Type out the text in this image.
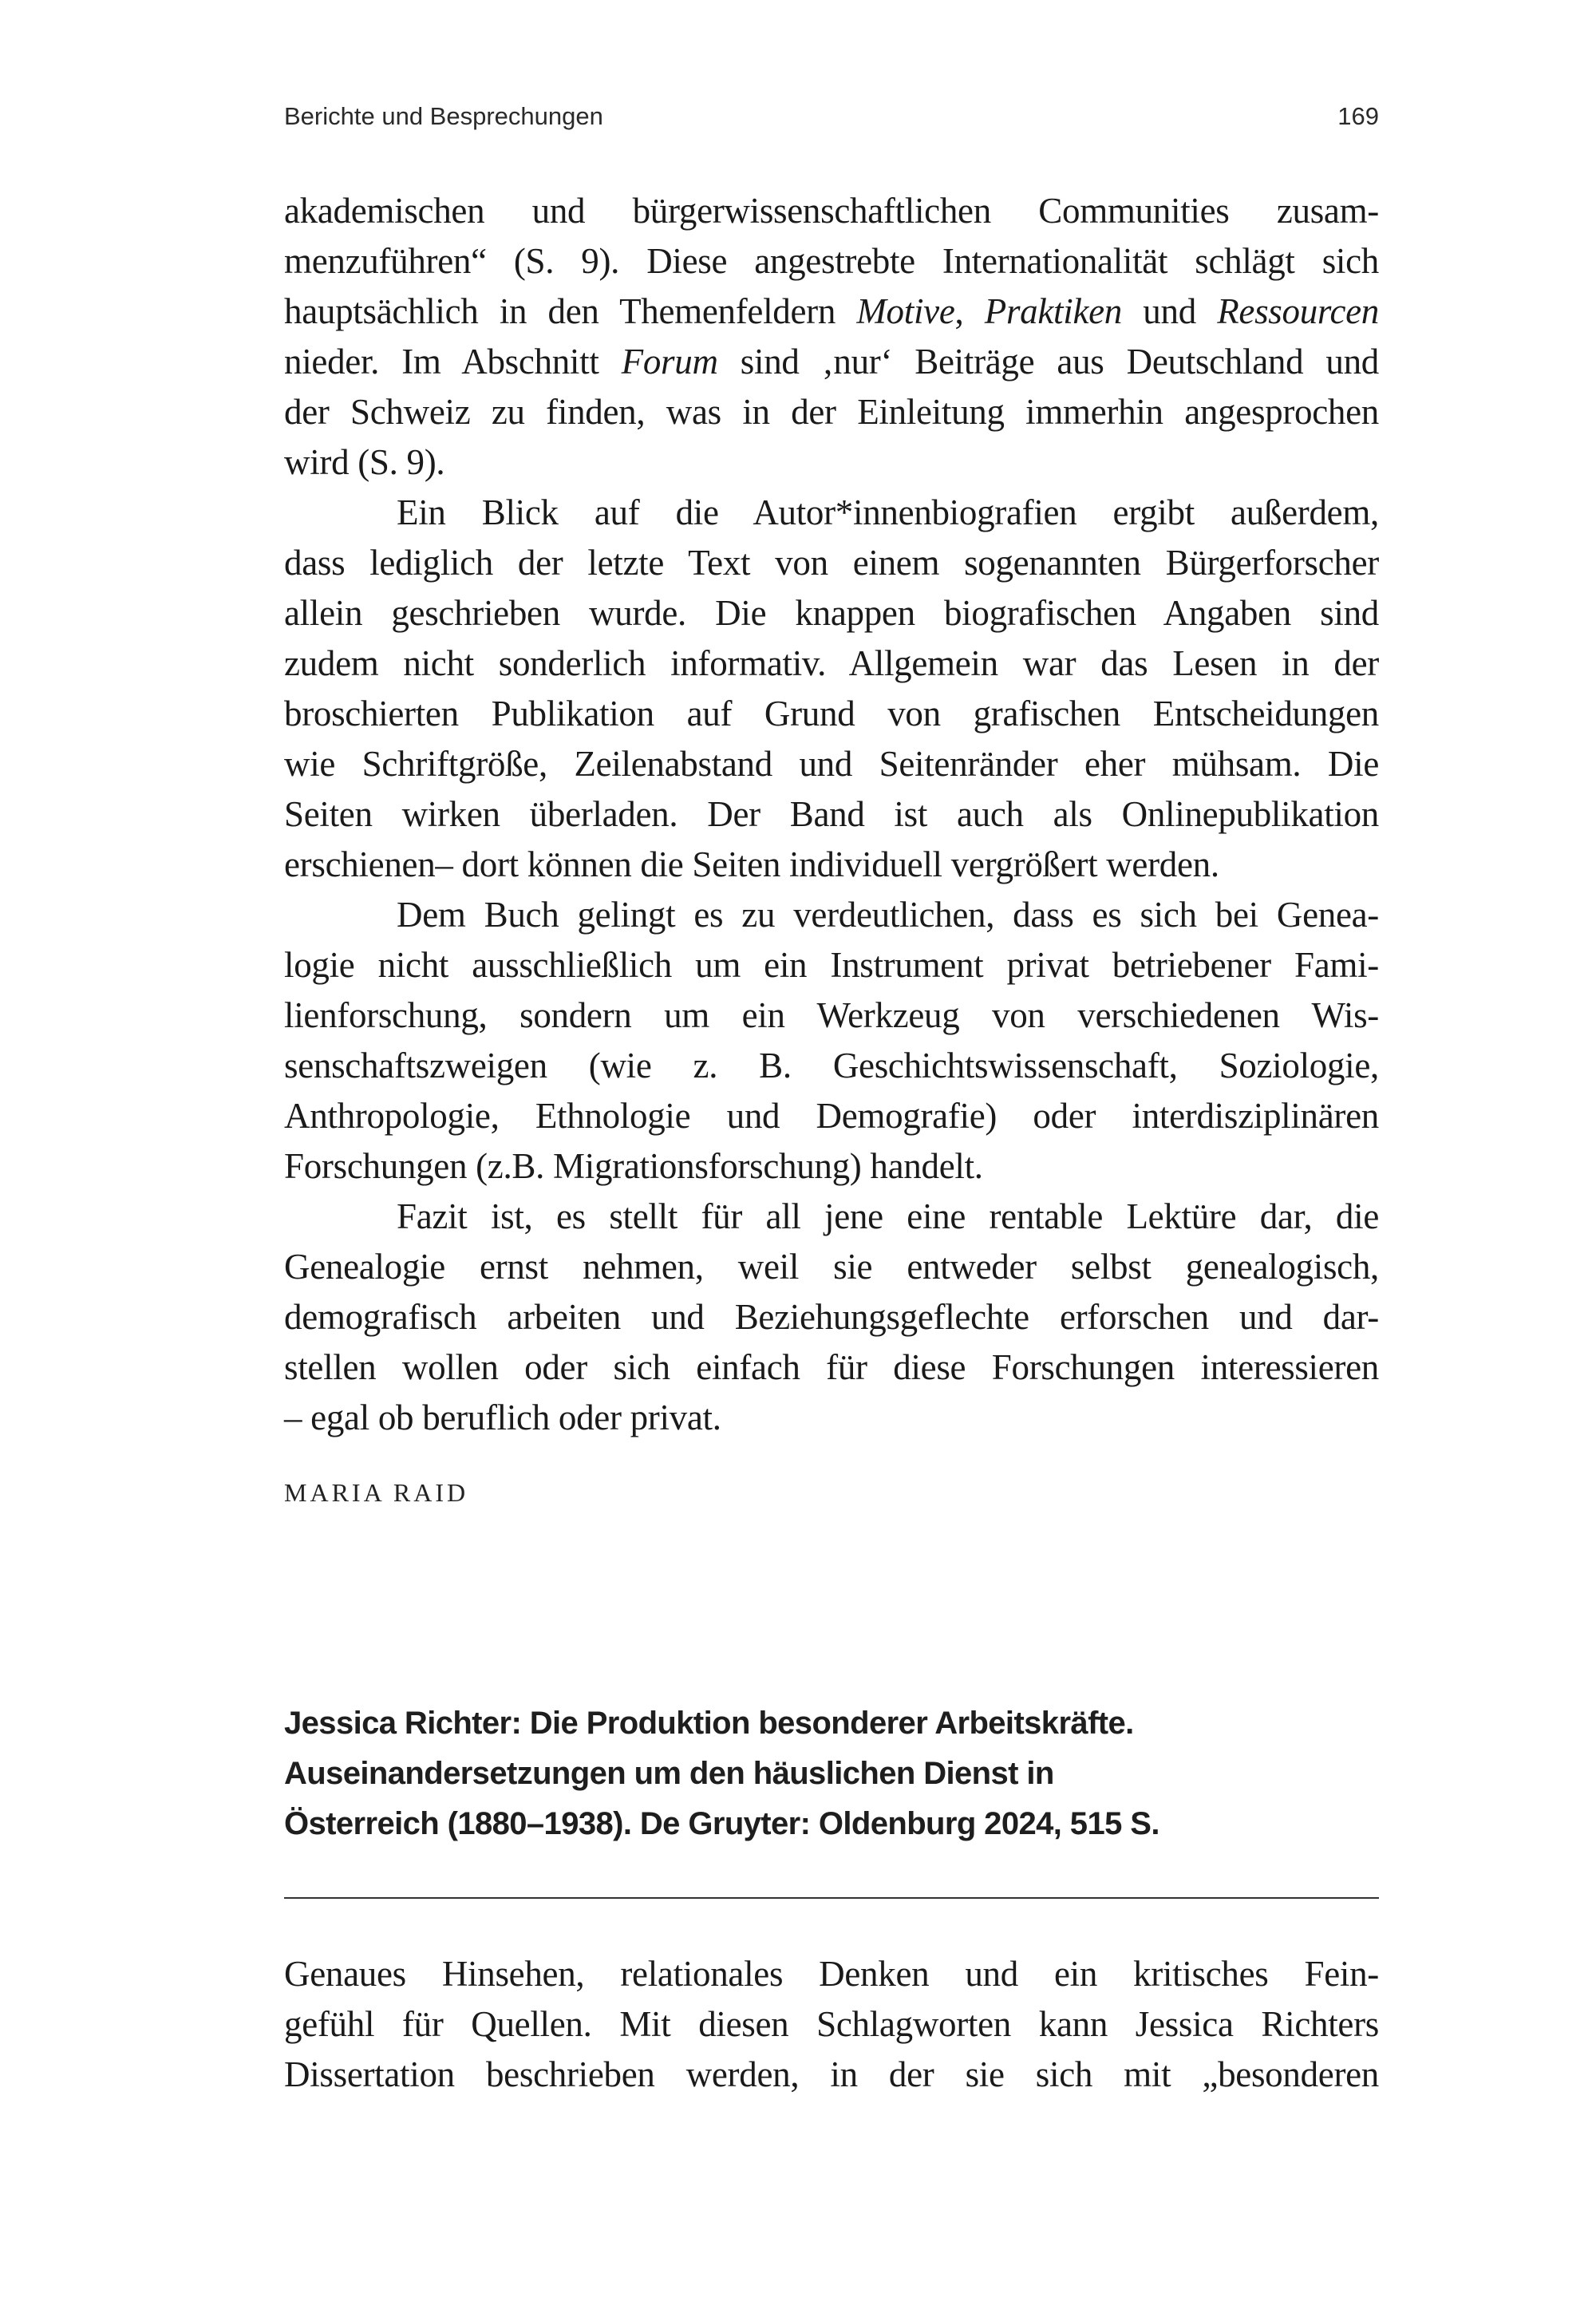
Berichte und Besprechungen	169
akademischen und bürgerwissenschaftlichen Communities zusam-
menzuführen“ (S. 9). Diese angestrebte Internationalität schlägt sich
hauptsächlich in den Themenfeldern Motive, Praktiken und Ressourcen
nieder. Im Abschnitt Forum sind ‚nur‘ Beiträge aus Deutschland und
der Schweiz zu finden, was in der Einleitung immerhin angesprochen
wird (S. 9).
Ein Blick auf die Autor*innenbiografien ergibt außerdem,
dass lediglich der letzte Text von einem sogenannten Bürgerforscher
allein geschrieben wurde. Die knappen biografischen Angaben sind
zudem nicht sonderlich informativ. Allgemein war das Lesen in der
broschierten Publikation auf Grund von grafischen Entscheidungen
wie Schriftgröße, Zeilenabstand und Seitenränder eher mühsam. Die
Seiten wirken überladen. Der Band ist auch als Onlinepublikation
erschienen– dort können die Seiten individuell vergrößert werden.
Dem Buch gelingt es zu verdeutlichen, dass es sich bei Genea-
logie nicht ausschließlich um ein Instrument privat betriebener Fami-
lienforschung, sondern um ein Werkzeug von verschiedenen Wis-
senschaftszweigen (wie z. B. Geschichtswissenschaft, Soziologie,
Anthropologie, Ethnologie und Demografie) oder interdisziplinären
Forschungen (z.B. Migrationsforschung) handelt.
Fazit ist, es stellt für all jene eine rentable Lektüre dar, die
Genealogie ernst nehmen, weil sie entweder selbst genealogisch,
demografisch arbeiten und Beziehungsgeflechte erforschen und dar-
stellen wollen oder sich einfach für diese Forschungen interessieren
– egal ob beruflich oder privat.
MARIA RAID
Jessica Richter: Die Produktion besonderer Arbeitskräfte.
Auseinandersetzungen um den häuslichen Dienst in
Österreich (1880–1938). De Gruyter: Oldenburg 2024, 515 S.
Genaues Hinsehen, relationales Denken und ein kritisches Fein-
gefühl für Quellen. Mit diesen Schlagworten kann Jessica Richters
Dissertation beschrieben werden, in der sie sich mit „besonderen
